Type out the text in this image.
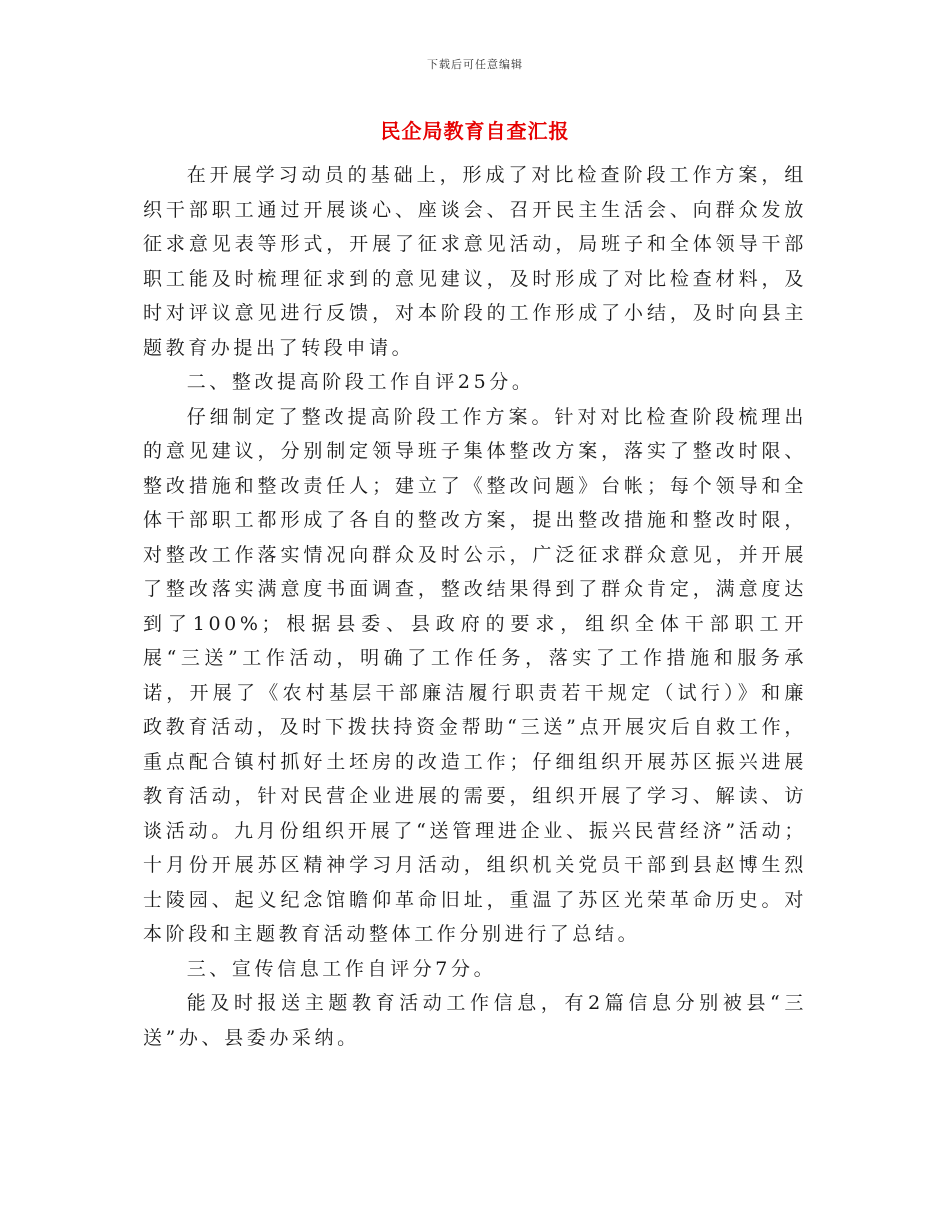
下载后可任意编辑
民企局教育自查汇报

在开展学习动员的基础上，形成了对比检查阶段工作方案，组织干部职工通过开展谈心、座谈会、召开民主生活会、向群众发放征求意见表等形式，开展了征求意见活动，局班子和全体领导干部职工能及时梳理征求到的意见建议，及时形成了对比检查材料，及时对评议意见进行反馈，对本阶段的工作形成了小结，及时向县主题教育办提出了转段申请。

二、整改提高阶段工作自评25分。

仔细制定了整改提高阶段工作方案。针对对比检查阶段梳理出的意见建议，分别制定领导班子集体整改方案，落实了整改时限、整改措施和整改责任人；建立了《整改问题》台帐；每个领导和全体干部职工都形成了各自的整改方案，提出整改措施和整改时限，对整改工作落实情况向群众及时公示，广泛征求群众意见，并开展了整改落实满意度书面调查，整改结果得到了群众肯定，满意度达到了100%；根据县委、县政府的要求，组织全体干部职工开展“三送”工作活动，明确了工作任务，落实了工作措施和服务承诺，开展了《农村基层干部廉洁履行职责若干规定（试行）》和廉政教育活动，及时下拨扶持资金帮助“三送”点开展灾后自救工作，重点配合镇村抓好土坯房的改造工作；仔细组织开展苏区振兴进展教育活动，针对民营企业进展的需要，组织开展了学习、解读、访谈活动。九月份组织开展了“送管理进企业、振兴民营经济”活动；十月份开展苏区精神学习月活动，组织机关党员干部到县赵博生烈士陵园、起义纪念馆瞻仰革命旧址，重温了苏区光荣革命历史。对本阶段和主题教育活动整体工作分别进行了总结。

三、宣传信息工作自评分7分。

能及时报送主题教育活动工作信息，有2篇信息分别被县“三送”办、县委办采纳。
